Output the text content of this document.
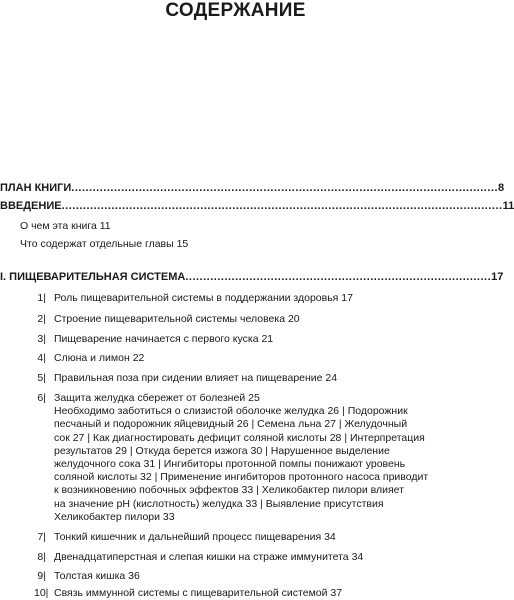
СОДЕРЖАНИЕ
ПЛАН КНИГИ ........................................................................................................................ 8
ВВЕДЕНИЕ ............................................................................................................................ 11
О чем эта книга 11
Что содержат отдельные главы 15
I. ПИЩЕВАРИТЕЛЬНАЯ СИСТЕМА ...................................................................................... 17
1| Роль пищеварительной системы в поддержании здоровья 17
2| Строение пищеварительной системы человека 20
3| Пищеварение начинается с первого куска 21
4| Слюна и лимон 22
5| Правильная поза при сидении влияет на пищеварение 24
6| Защита желудка сбережет от болезней 25
Необходимо заботиться о слизистой оболочке желудка 26 | Подорожник
песчаный и подорожник яйцевидный 26 | Семена льна 27 | Желудочный
сок 27 | Как диагностировать дефицит соляной кислоты 28 | Интерпретация
результатов 29 | Откуда берется изжога 30 | Нарушенное выделение
желудочного сока 31 | Ингибиторы протонной помпы понижают уровень
соляной кислоты 32 | Применение ингибиторов протонного насоса приводит
к возникновению побочных эффектов 33 | Хеликобактер пилори влияет
на значение pH (кислотность) желудка 33 | Выявление присутствия
Хеликобактер пилори 33
7| Тонкий кишечник и дальнейший процесс пищеварения 34
8| Двенадцатиперстная и слепая кишки на страже иммунитета 34
9| Толстая кишка 36
10| Связь иммунной системы с пищеварительной системой 37
